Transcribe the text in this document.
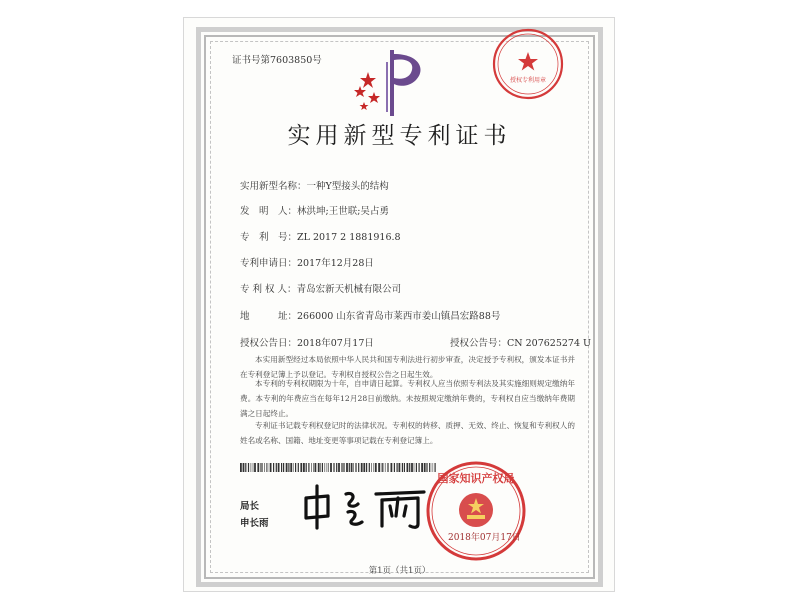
证书号第7603850号
授权专利用章
实用新型专利证书
实用新型名称：一种Y型接头的结构
发　明　人：林洪坤;王世联;吴占勇
专　利　号：ZL 2017 2 1881916.8
专利申请日：2017年12月28日
专 利 权 人：青岛宏新天机械有限公司
地　　　址：266000 山东省青岛市莱西市姜山镇昌宏路88号
授权公告日：2018年07月17日	授权公告号：CN 207625274 U

本实用新型经过本局依照中华人民共和国专利法进行初步审查，决定授予专利权，颁发本证书并在专利登记簿上予以登记。专利权自授权公告之日起生效。

本专利的专利权期限为十年，自申请日起算。专利权人应当依照专利法及其实施细则规定缴纳年费。本专利的年费应当在每年12月28日前缴纳。未按照规定缴纳年费的，专利权自应当缴纳年费期满之日起终止。

专利证书记载专利权登记时的法律状况。专利权的转移、质押、无效、终止、恢复和专利权人的姓名或名称、国籍、地址变更等事项记载在专利登记簿上。

局长
申长雨
国家知识产权局
2018年07月17日
第1页（共1页）
